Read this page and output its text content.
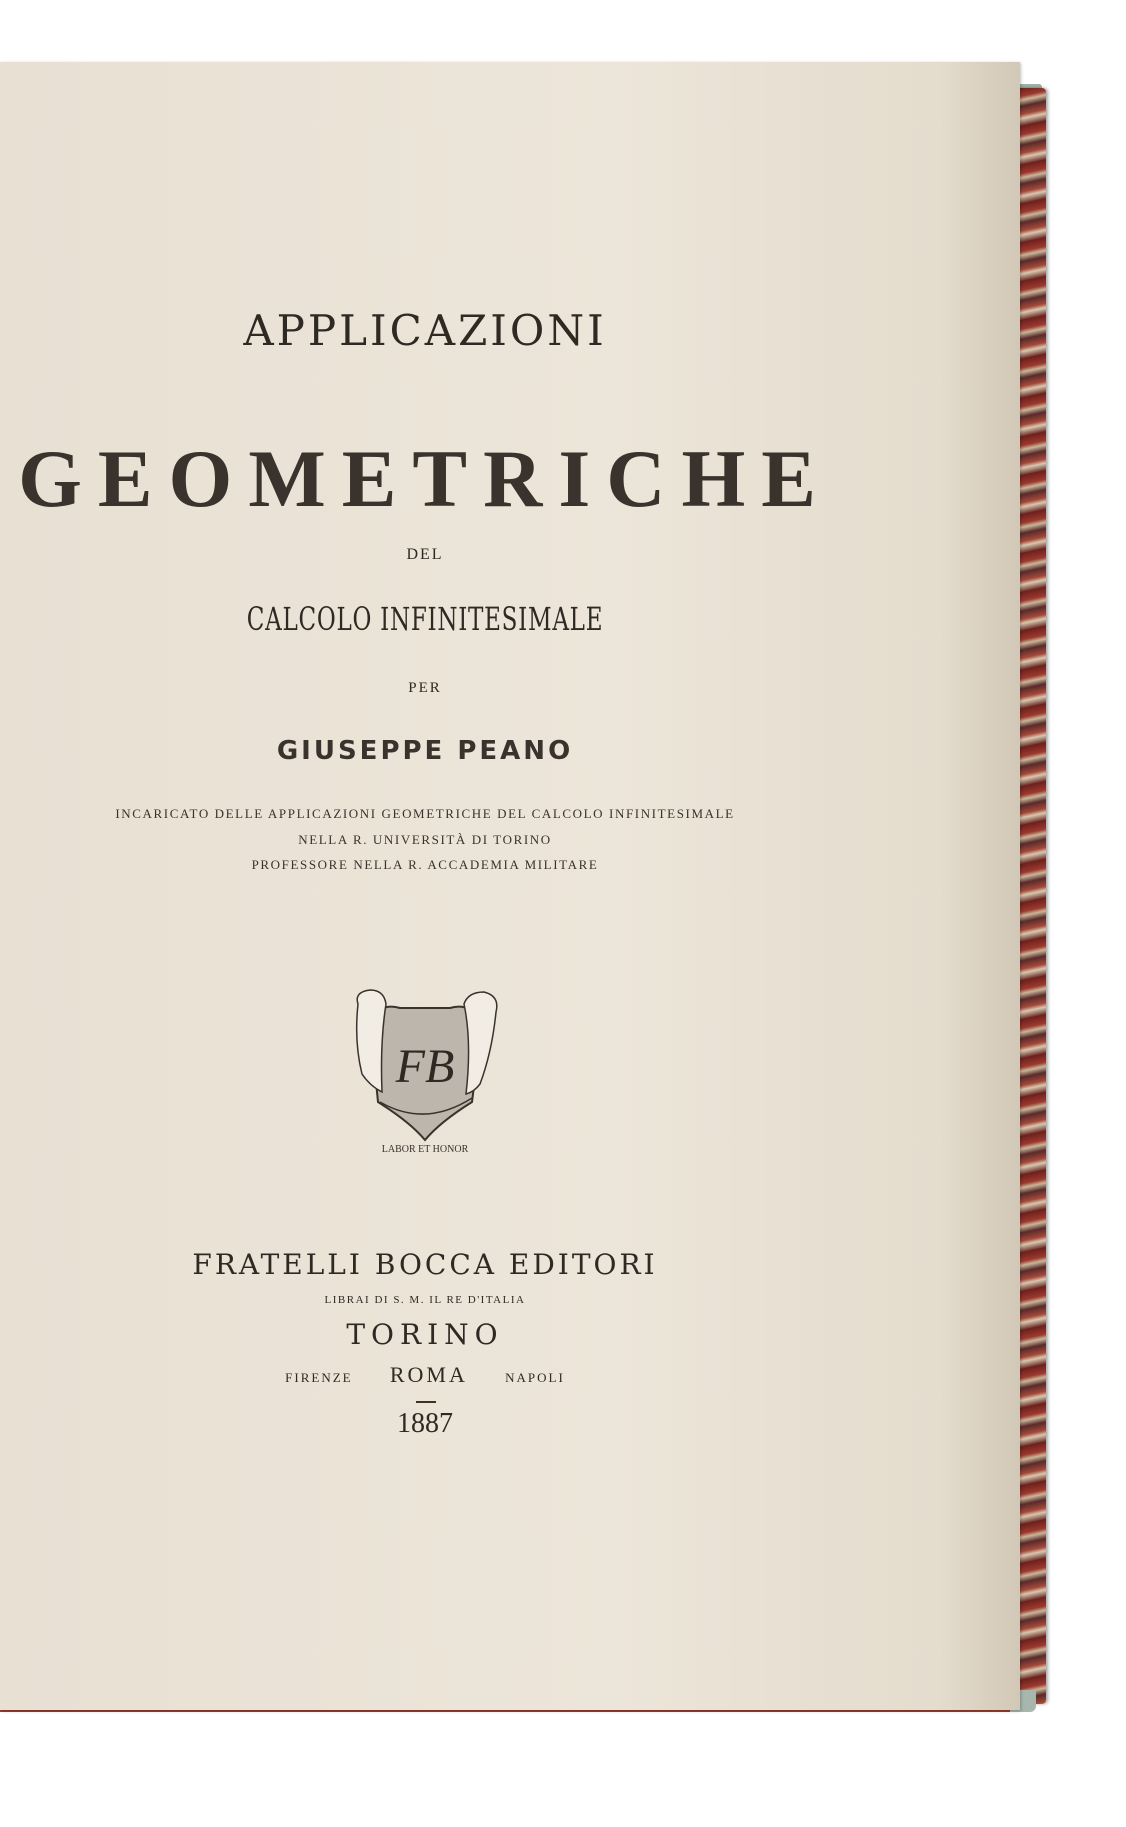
APPLICAZIONI
GEOMETRICHE
DEL
CALCOLO INFINITESIMALE
PER
GIUSEPPE PEANO
INCARICATO DELLE APPLICAZIONI GEOMETRICHE DEL CALCOLO INFINITESIMALE
NELLA R. UNIVERSITÀ DI TORINO
PROFESSORE NELLA R. ACCADEMIA MILITARE
LABOR ET HONOR
FB
FRATELLI BOCCA EDITORI
LIBRAI DI S. M. IL RE D'ITALIA
TORINO
FIRENZE ROMA	NAPOLI
1887
